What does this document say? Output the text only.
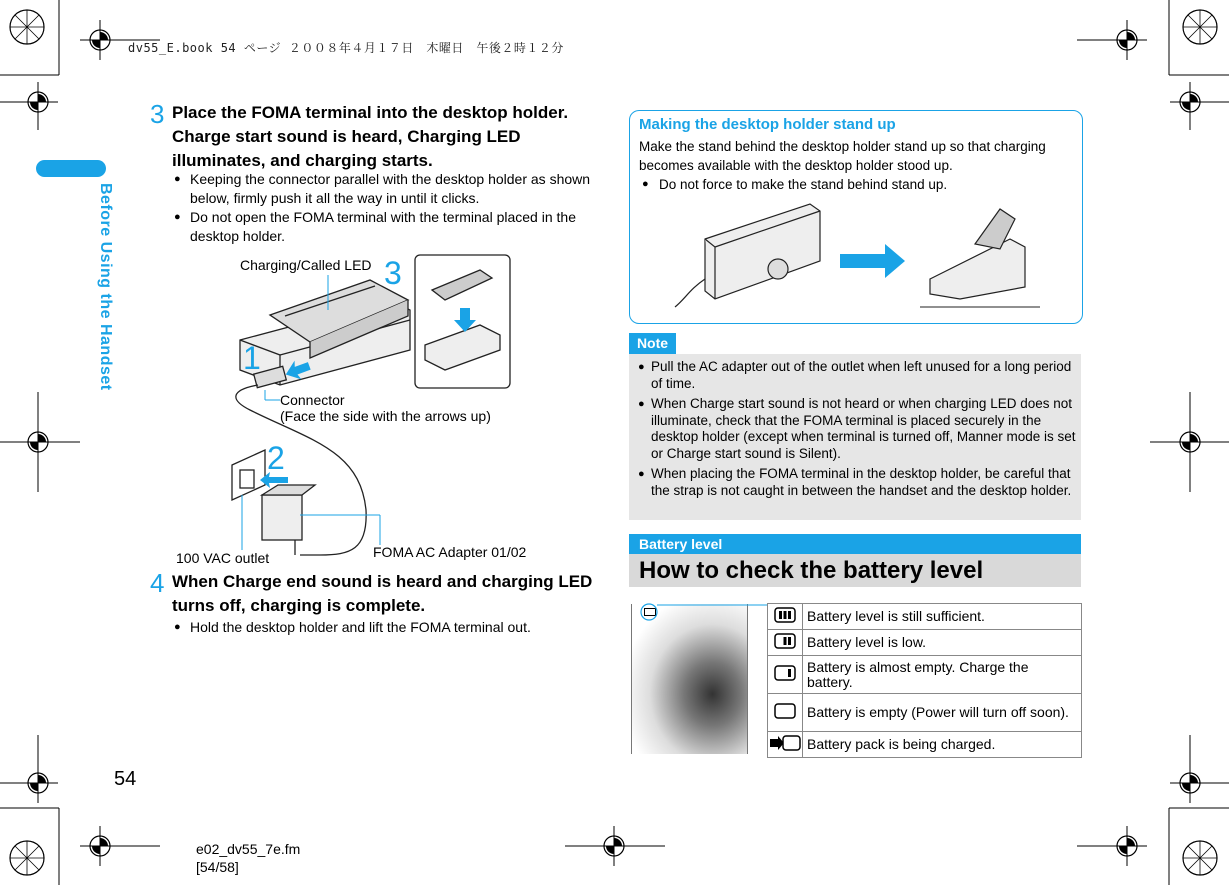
dv55_E.book 54 ページ ２００８年４月１７日　木曜日　午後２時１２分
Before Using the Handset
54
3 Place the FOMA terminal into the desktop holder. Charge start sound is heard, Charging LED illuminates, and charging starts.
● Keeping the connector parallel with the desktop holder as shown below, firmly push it all the way in until it clicks.
● Do not open the FOMA terminal with the terminal placed in the desktop holder.
Charging/Called LED
Connector
(Face the side with the arrows up)
100 VAC outlet	FOMA AC Adapter 01/02
1
2
3
4 When Charge end sound is heard and charging LED turns off, charging is complete.
● Hold the desktop holder and lift the FOMA terminal out.
Making the desktop holder stand up
Make the stand behind the desktop holder stand up so that charging becomes available with the desktop holder stood up.
● Do not force to make the stand behind stand up.
Note
● Pull the AC adapter out of the outlet when left unused for a long period of time.
● When Charge start sound is not heard or when charging LED does not illuminate, check that the FOMA terminal is placed securely in the desktop holder (except when terminal is turned off, Manner mode is set or Charge start sound is Silent).
● When placing the FOMA terminal in the desktop holder, be careful that the strap is not caught in between the handset and the desktop holder.
Battery level
How to check the battery level
	Battery level is still sufficient.
	Battery level is low.
	Battery is almost empty. Charge the battery.
	Battery is empty (Power will turn off soon).
	Battery pack is being charged.
e02_dv55_7e.fm
[54/58]
